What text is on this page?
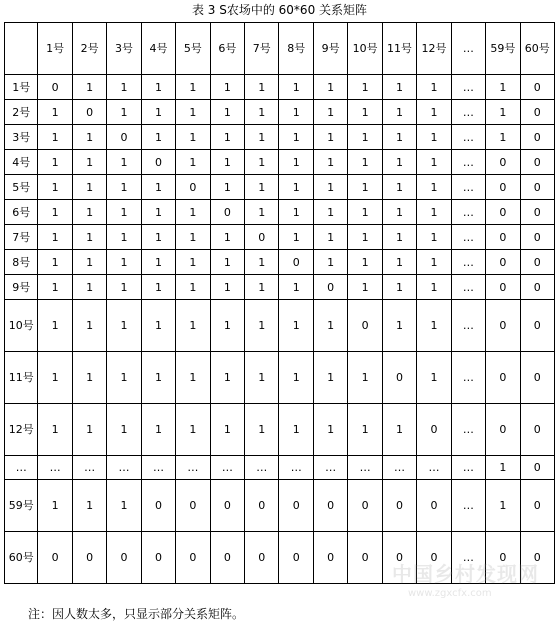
表 3 S农场中的 60*60 关系矩阵
	1号	2号	3号	4号	5号	6号	7号	8号	9号	10号	11号	12号	…	59号	60号
1号	0	1	1	1	1	1	1	1	1	1	1	1	…	1	0
2号	1	0	1	1	1	1	1	1	1	1	1	1	…	1	0
3号	1	1	0	1	1	1	1	1	1	1	1	1	…	1	0
4号	1	1	1	0	1	1	1	1	1	1	1	1	…	0	0
5号	1	1	1	1	0	1	1	1	1	1	1	1	…	0	0
6号	1	1	1	1	1	0	1	1	1	1	1	1	…	0	0
7号	1	1	1	1	1	1	0	1	1	1	1	1	…	0	0
8号	1	1	1	1	1	1	1	0	1	1	1	1	…	0	0
9号	1	1	1	1	1	1	1	1	0	1	1	1	…	0	0
10号	1	1	1	1	1	1	1	1	1	0	1	1	…	0	0
11号	1	1	1	1	1	1	1	1	1	1	0	1	…	0	0
12号	1	1	1	1	1	1	1	1	1	1	1	0	…	0	0
…	…	…	…	…	…	…	…	…	…	…	…	…	…	1	0
59号	1	1	1	0	0	0	0	0	0	0	0	0	…	1	0
60号	0	0	0	0	0	0	0	0	0	0	0	0	…	0	0
注：因人数太多，只显示部分关系矩阵。
中国乡村发现网
www.zgxcfx.com
